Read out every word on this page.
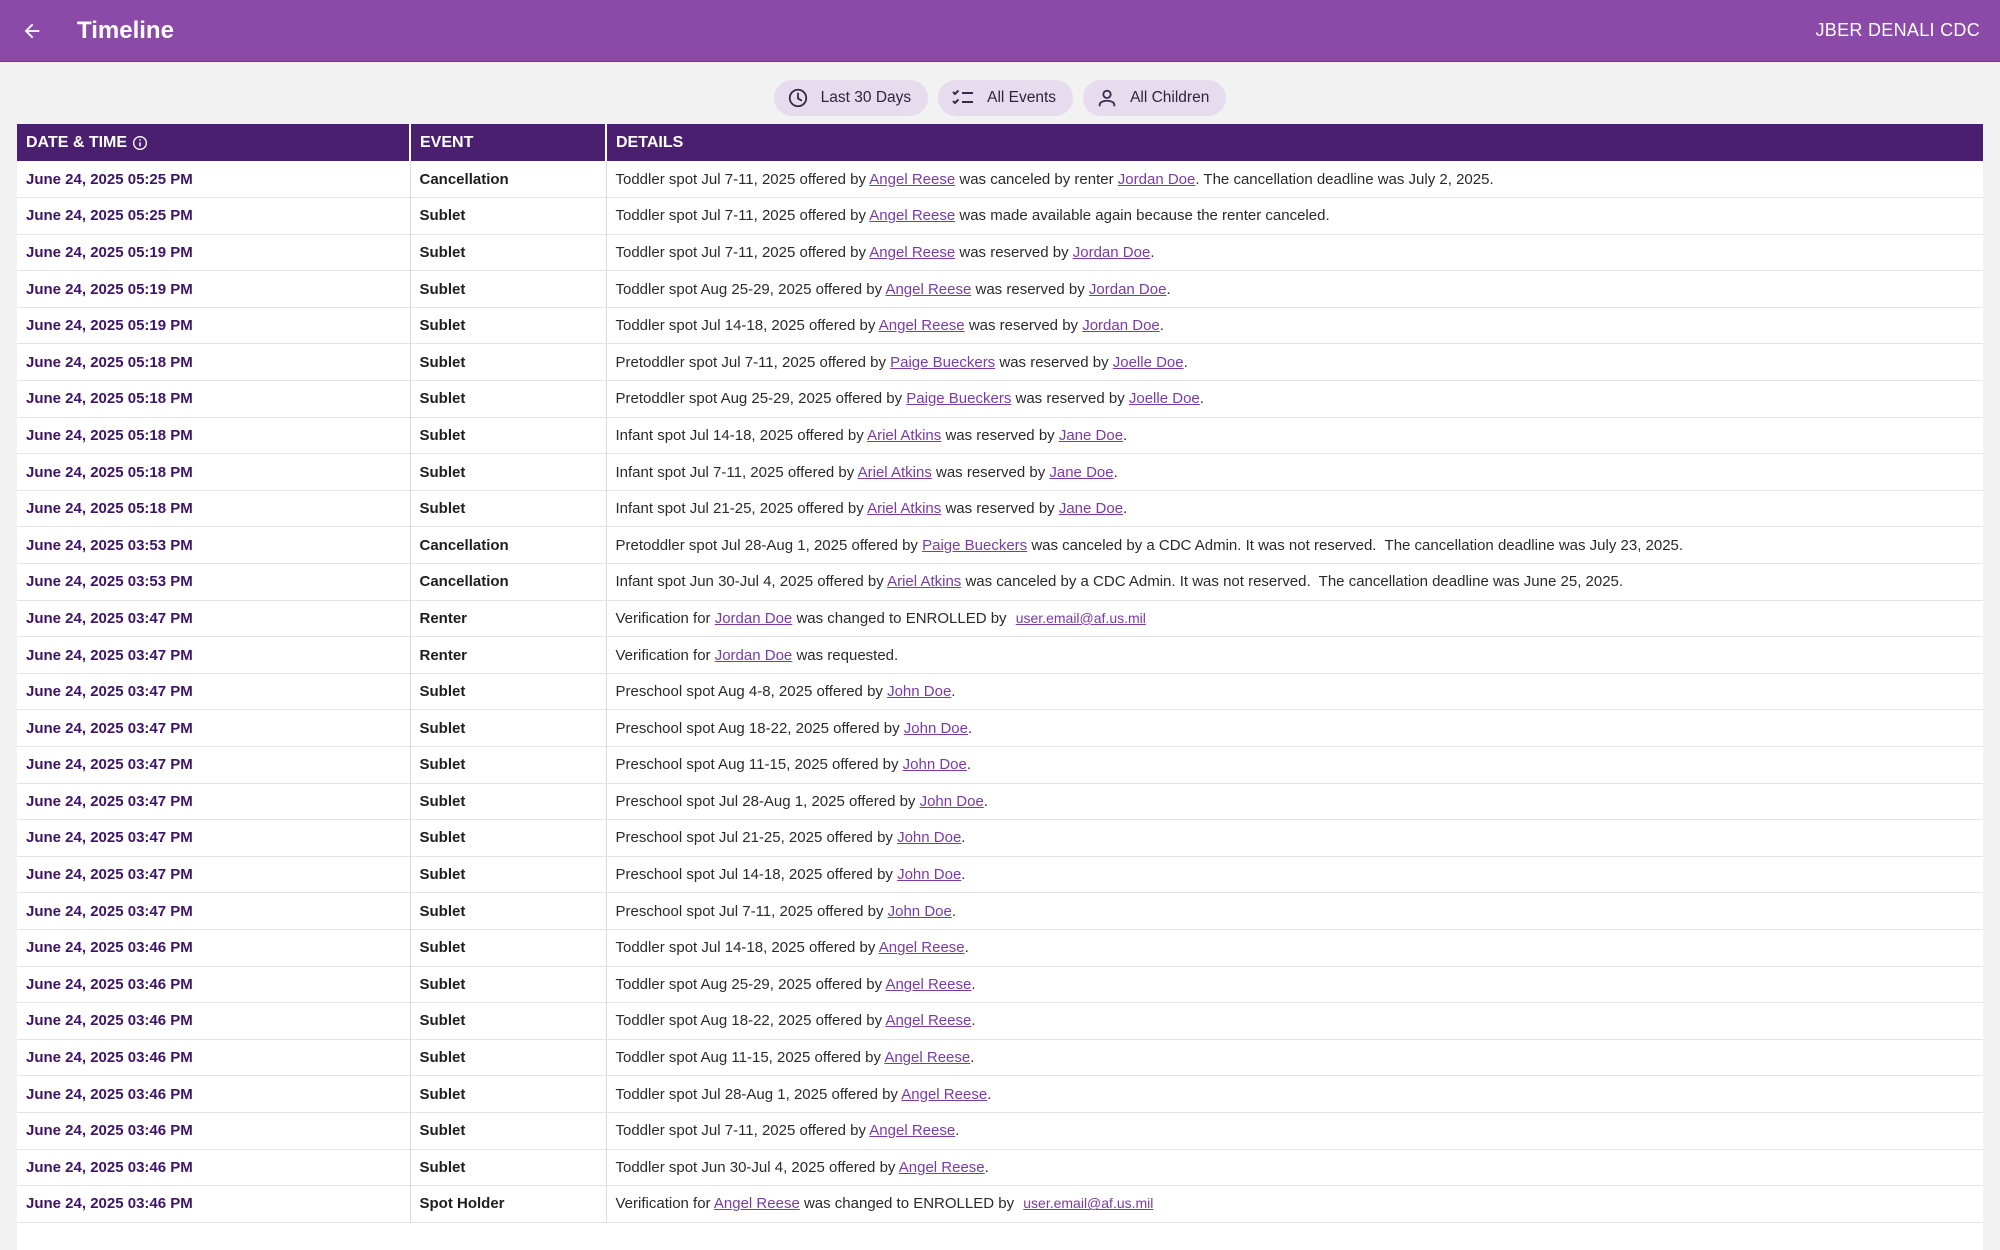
Timeline	JBER DENALI CDC
Last 30 Days	All Events	All Children
DATE & TIME	EVENT	DETAILS
June 24, 2025 05:25 PM	Cancellation	Toddler spot Jul 7-11, 2025 offered by Angel Reese was canceled by renter Jordan Doe. The cancellation deadline was July 2, 2025.
June 24, 2025 05:25 PM	Sublet	Toddler spot Jul 7-11, 2025 offered by Angel Reese was made available again because the renter canceled.
June 24, 2025 05:19 PM	Sublet	Toddler spot Jul 7-11, 2025 offered by Angel Reese was reserved by Jordan Doe.
June 24, 2025 05:19 PM	Sublet	Toddler spot Aug 25-29, 2025 offered by Angel Reese was reserved by Jordan Doe.
June 24, 2025 05:19 PM	Sublet	Toddler spot Jul 14-18, 2025 offered by Angel Reese was reserved by Jordan Doe.
June 24, 2025 05:18 PM	Sublet	Pretoddler spot Jul 7-11, 2025 offered by Paige Bueckers was reserved by Joelle Doe.
June 24, 2025 05:18 PM	Sublet	Pretoddler spot Aug 25-29, 2025 offered by Paige Bueckers was reserved by Joelle Doe.
June 24, 2025 05:18 PM	Sublet	Infant spot Jul 14-18, 2025 offered by Ariel Atkins was reserved by Jane Doe.
June 24, 2025 05:18 PM	Sublet	Infant spot Jul 7-11, 2025 offered by Ariel Atkins was reserved by Jane Doe.
June 24, 2025 05:18 PM	Sublet	Infant spot Jul 21-25, 2025 offered by Ariel Atkins was reserved by Jane Doe.
June 24, 2025 03:53 PM	Cancellation	Pretoddler spot Jul 28-Aug 1, 2025 offered by Paige Bueckers was canceled by a CDC Admin. It was not reserved.  The cancellation deadline was July 23, 2025.
June 24, 2025 03:53 PM	Cancellation	Infant spot Jun 30-Jul 4, 2025 offered by Ariel Atkins was canceled by a CDC Admin. It was not reserved.  The cancellation deadline was June 25, 2025.
June 24, 2025 03:47 PM	Renter	Verification for Jordan Doe was changed to ENROLLED by user.email@af.us.mil
June 24, 2025 03:47 PM	Renter	Verification for Jordan Doe was requested.
June 24, 2025 03:47 PM	Sublet	Preschool spot Aug 4-8, 2025 offered by John Doe.
June 24, 2025 03:47 PM	Sublet	Preschool spot Aug 18-22, 2025 offered by John Doe.
June 24, 2025 03:47 PM	Sublet	Preschool spot Aug 11-15, 2025 offered by John Doe.
June 24, 2025 03:47 PM	Sublet	Preschool spot Jul 28-Aug 1, 2025 offered by John Doe.
June 24, 2025 03:47 PM	Sublet	Preschool spot Jul 21-25, 2025 offered by John Doe.
June 24, 2025 03:47 PM	Sublet	Preschool spot Jul 14-18, 2025 offered by John Doe.
June 24, 2025 03:47 PM	Sublet	Preschool spot Jul 7-11, 2025 offered by John Doe.
June 24, 2025 03:46 PM	Sublet	Toddler spot Jul 14-18, 2025 offered by Angel Reese.
June 24, 2025 03:46 PM	Sublet	Toddler spot Aug 25-29, 2025 offered by Angel Reese.
June 24, 2025 03:46 PM	Sublet	Toddler spot Aug 18-22, 2025 offered by Angel Reese.
June 24, 2025 03:46 PM	Sublet	Toddler spot Aug 11-15, 2025 offered by Angel Reese.
June 24, 2025 03:46 PM	Sublet	Toddler spot Jul 28-Aug 1, 2025 offered by Angel Reese.
June 24, 2025 03:46 PM	Sublet	Toddler spot Jul 7-11, 2025 offered by Angel Reese.
June 24, 2025 03:46 PM	Sublet	Toddler spot Jun 30-Jul 4, 2025 offered by Angel Reese.
June 24, 2025 03:46 PM	Spot Holder	Verification for Angel Reese was changed to ENROLLED by user.email@af.us.mil
